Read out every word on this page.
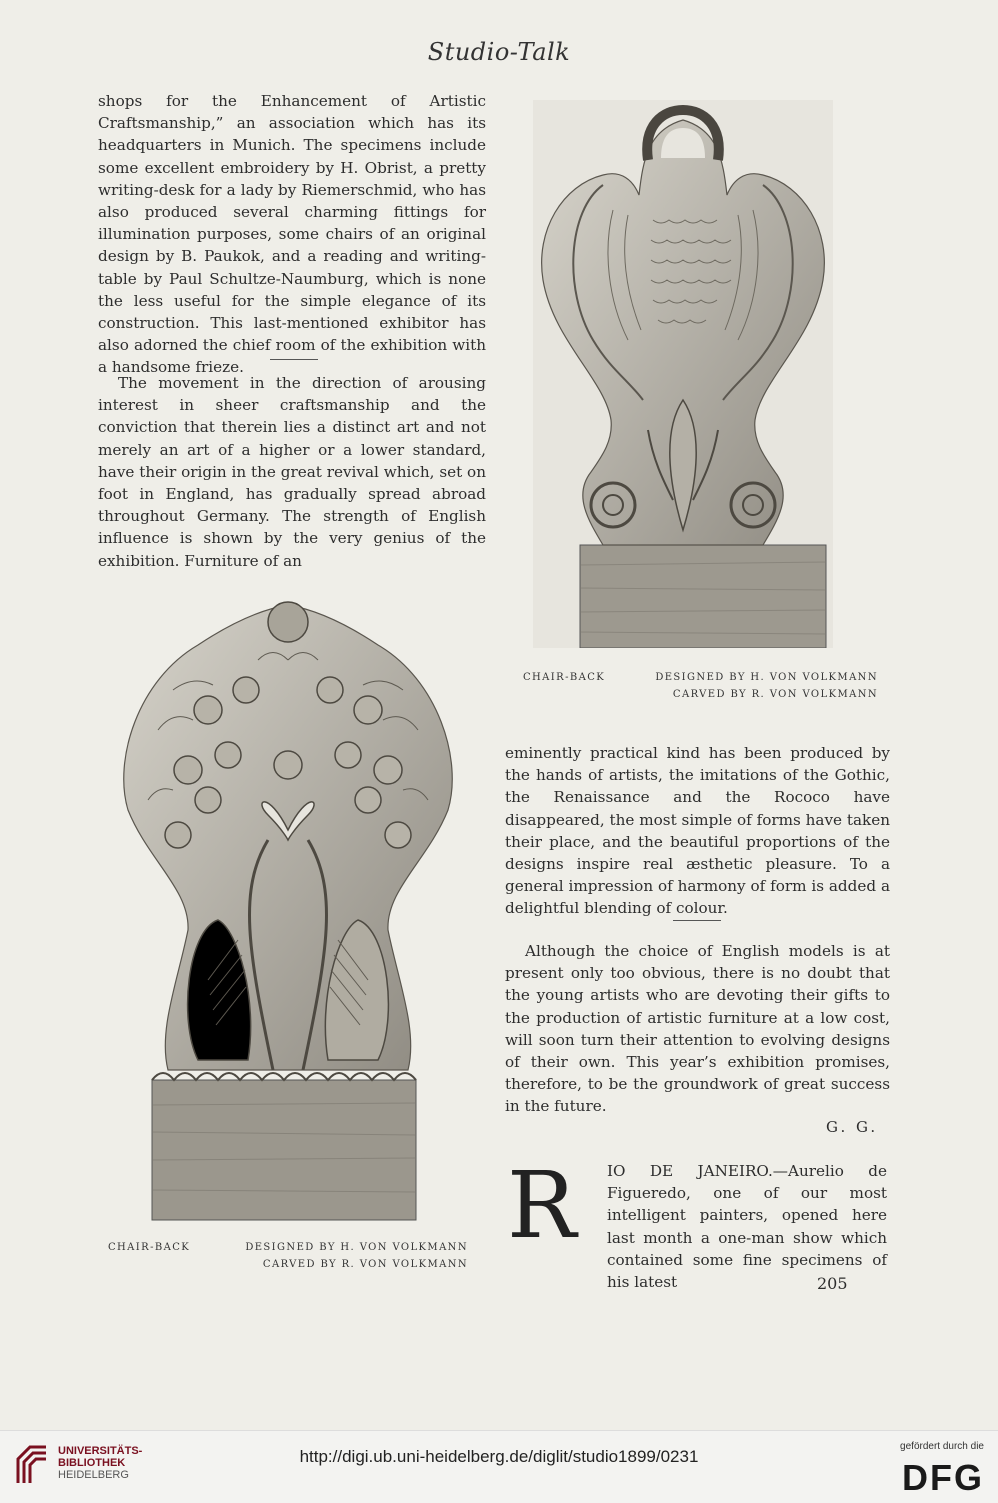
Studio-Talk

shops for the Enhancement of Artistic Craftsmanship,” an association which has its headquarters in Munich. The specimens include some excellent embroidery by H. Obrist, a pretty writing-desk for a lady by Riemerschmid, who has also produced several charming fittings for illumination purposes, some chairs of an original design by B. Paukok, and a reading and writing-table by Paul Schultze-Naumburg, which is none the less useful for the simple elegance of its construction. This last-mentioned exhibitor has also adorned the chief room of the exhibition with a handsome frieze.

The movement in the direction of arousing interest in sheer craftsmanship and the conviction that therein lies a distinct art and not merely an art of a higher or a lower standard, have their origin in the great revival which, set on foot in England, has gradually spread abroad throughout Germany. The strength of English influence is shown by the very genius of the exhibition. Furniture of an

CHAIR-BACK	DESIGNED BY H. VON VOLKMANN
CARVED BY R. VON VOLKMANN
CHAIR-BACK	DESIGNED BY H. VON VOLKMANN
CARVED BY R. VON VOLKMANN

eminently practical kind has been produced by the hands of artists, the imitations of the Gothic, the Renaissance and the Rococo have disappeared, the most simple of forms have taken their place, and the beautiful proportions of the designs inspire real æsthetic pleasure. To a general impression of harmony of form is added a delightful blending of colour.

Although the choice of English models is at present only too obvious, there is no doubt that the young artists who are devoting their gifts to the production of artistic furniture at a low cost, will soon turn their attention to evolving designs of their own. This year’s exhibition promises, therefore, to be the groundwork of great success in the future.

G. G.
R IO DE JANEIRO.—Aurelio de Figueredo, one of our most intelligent painters, opened here last month a one-man show which contained some fine specimens of his latest	205
UNIVERSITÄTS-
BIBLIOTHEK
HEIDELBERG
http://digi.ub.uni-heidelberg.de/diglit/studio1899/0231
gefördert durch die
DFG
